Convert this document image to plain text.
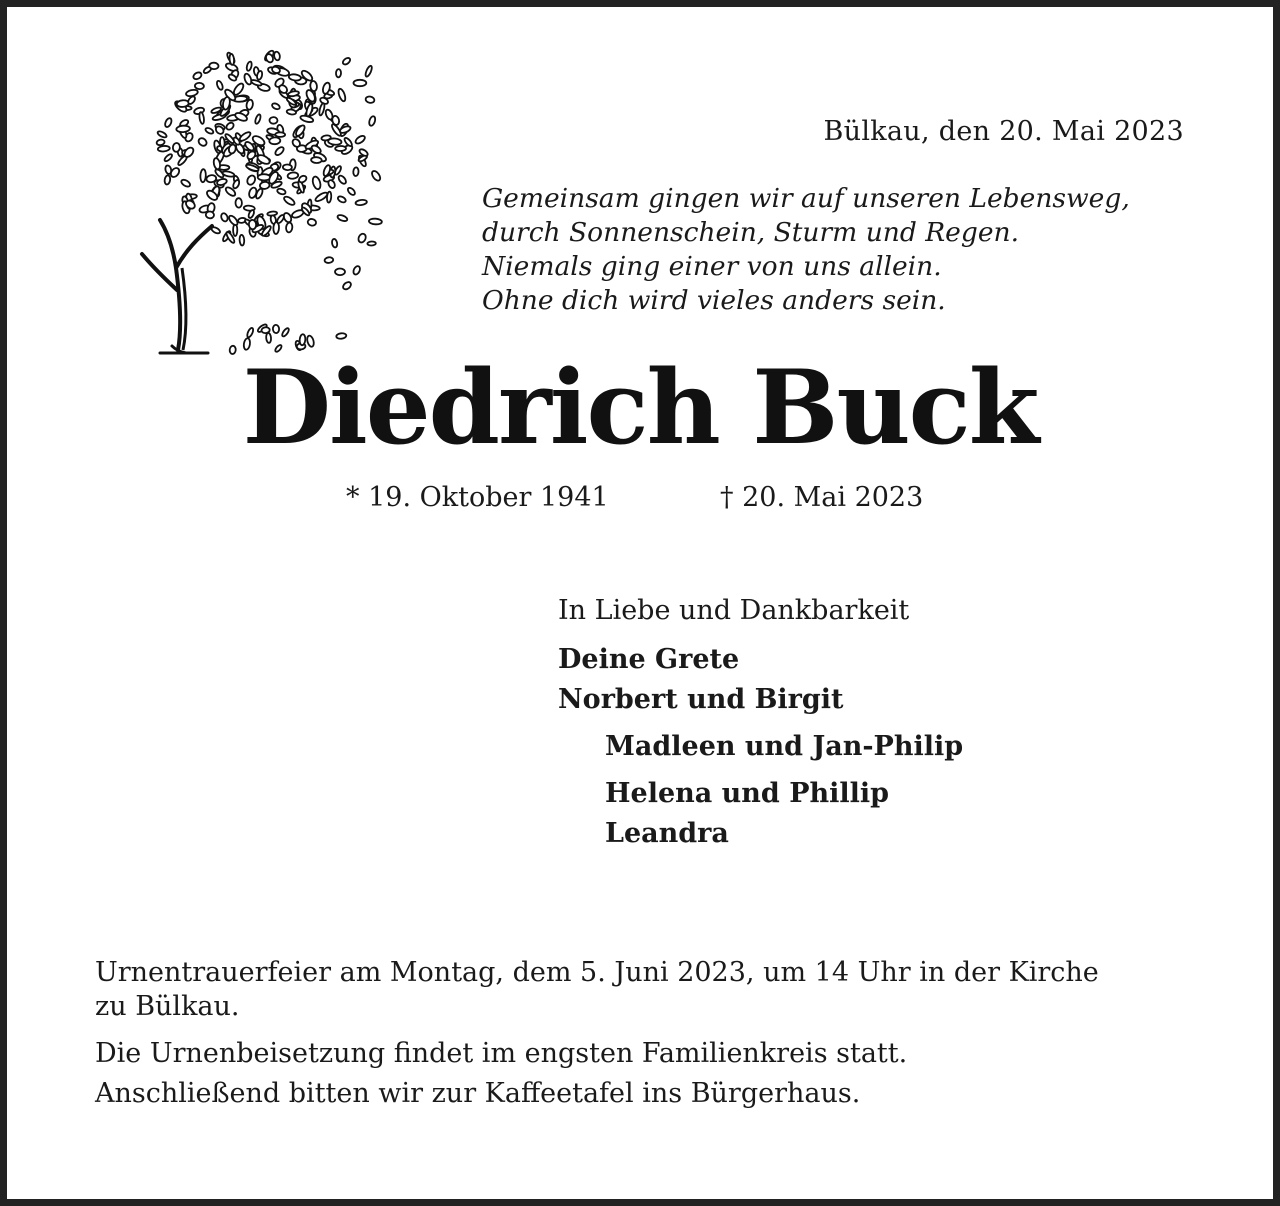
Bülkau, den 20. Mai 2023
Gemeinsam gingen wir auf unseren Lebensweg,
durch Sonnenschein, Sturm und Regen.
Niemals ging einer von uns allein.
Ohne dich wird vieles anders sein.
Diedrich Buck
* 19. Oktober 1941	† 20. Mai 2023
In Liebe und Dankbarkeit
Deine Grete
Norbert und Birgit
Madleen und Jan-Philip
Helena und Phillip
Leandra
Urnentrauerfeier am Montag, dem 5. Juni 2023, um 14 Uhr in der Kirche
zu Bülkau.
Die Urnenbeisetzung findet im engsten Familienkreis statt.
Anschließend bitten wir zur Kaffeetafel ins Bürgerhaus.
